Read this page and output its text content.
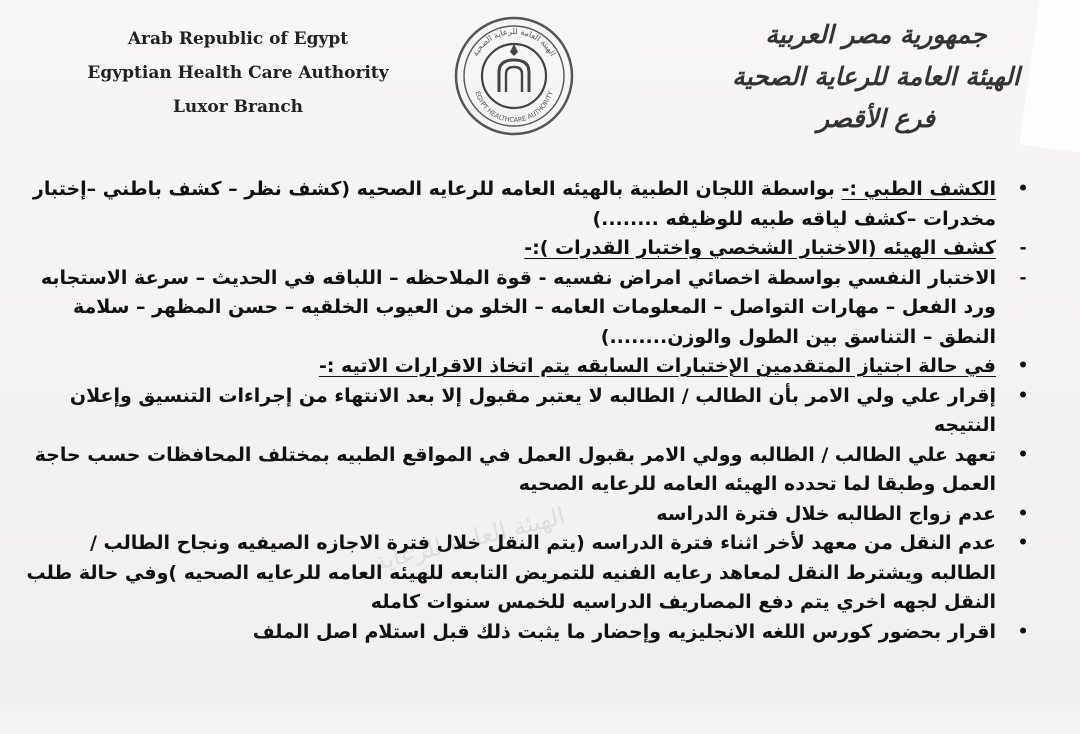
Arab Republic of Egypt
Egyptian Health Care Authority
Luxor Branch
الهيئة العامة للرعاية الصحية
EGYPT HEALTHCARE AUTHORITY
جمهورية مصر العربية
الهيئة العامة للرعاية الصحية
فرع الأقصر
الهيئة العامة للرعاية
•
الكشف الطبي :- بواسطة اللجان الطبية بالهيئه العامه للرعايه الصحيه (كشف نظر – كشف باطني –إختبار مخدرات –كشف لياقه طبيه للوظيفه ........)
-
كشف الهيئه (الاختبار الشخصي واختبار القدرات ):-
-
الاختبار النفسي بواسطة اخصائي امراض نفسيه - قوة الملاحظه – اللباقه في الحديث – سرعة الاستجابه ورد الفعل – مهارات التواصل – المعلومات العامه – الخلو من العيوب الخلقيه – حسن المظهر – سلامة النطق – التناسق بين الطول والوزن........)
•
في حالة اجتياز المتقدمين الإختبارات السابقه يتم اتخاذ الاقرارات الاتيه :-
•
إقرار علي ولي الامر بأن الطالب / الطالبه لا يعتبر مقبول إلا بعد الانتهاء من إجراءات التنسيق وإعلان النتيجه
•
تعهد علي الطالب / الطالبه وولي الامر بقبول العمل في المواقع الطبيه بمختلف المحافظات حسب حاجة العمل وطبقا لما تحدده الهيئه العامه للرعايه الصحيه
•
عدم زواج الطالبه خلال فترة الدراسه
•
عدم النقل من معهد لأخر اثناء فترة الدراسه (يتم النقل خلال فترة الاجازه الصيفيه ونجاح الطالب / الطالبه ويشترط النقل لمعاهد رعايه الفنيه للتمريض التابعه للهيئه العامه للرعايه الصحيه )وفي حالة طلب النقل لجهه اخري يتم دفع المصاريف الدراسيه للخمس سنوات كامله
•
اقرار بحضور كورس اللغه الانجليزيه وإحضار ما يثبت ذلك قبل استلام اصل الملف
